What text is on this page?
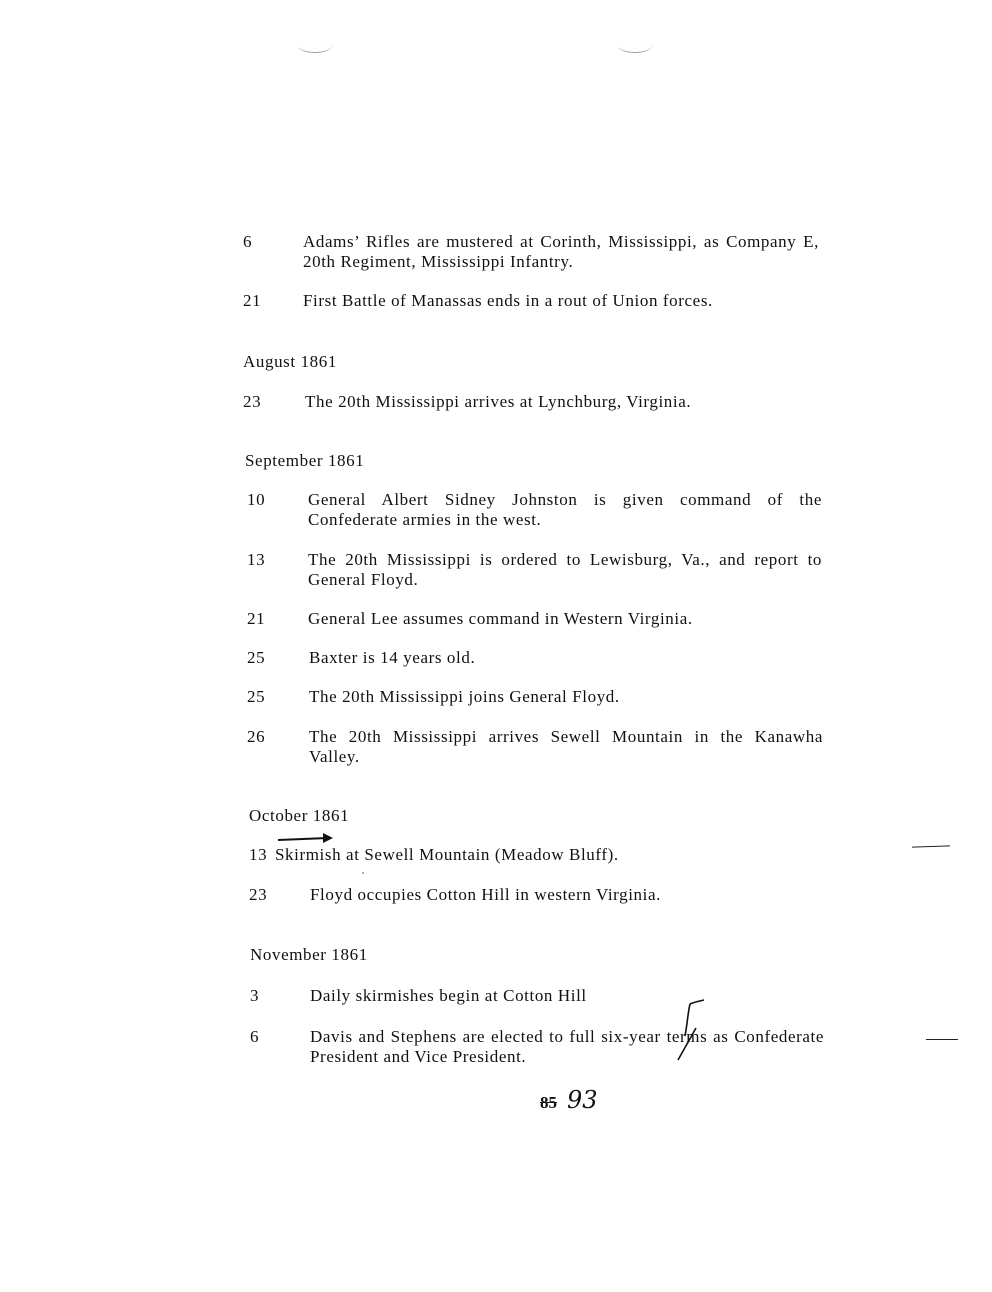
6	Adams’ Rifles are mustered at Corinth, Mississippi, as Company E, 20th Regiment, Mississippi Infantry.
21 First Battle of Manassas ends in a rout of Union forces.
August 1861
23	The 20th Mississippi arrives at Lynchburg, Virginia.
September 1861
10	General Albert Sidney Johnston is given command of the Confederate armies in the west.
13	The 20th Mississippi is ordered to Lewisburg, Va., and report to General Floyd.
21	General Lee assumes command in Western Virginia.
25	Baxter is 14 years old.
25	The 20th Mississippi joins General Floyd.
26	The 20th Mississippi arrives Sewell Mountain in the Kanawha Valley.
October 1861
13 Skirmish at Sewell Mountain (Meadow Bluff).
23	Floyd occupies Cotton Hill in western Virginia.
November 1861
3	Daily skirmishes begin at Cotton Hill
6	Davis and Stephens are elected to full six-year terms as Confederate President and Vice President.
85 93
